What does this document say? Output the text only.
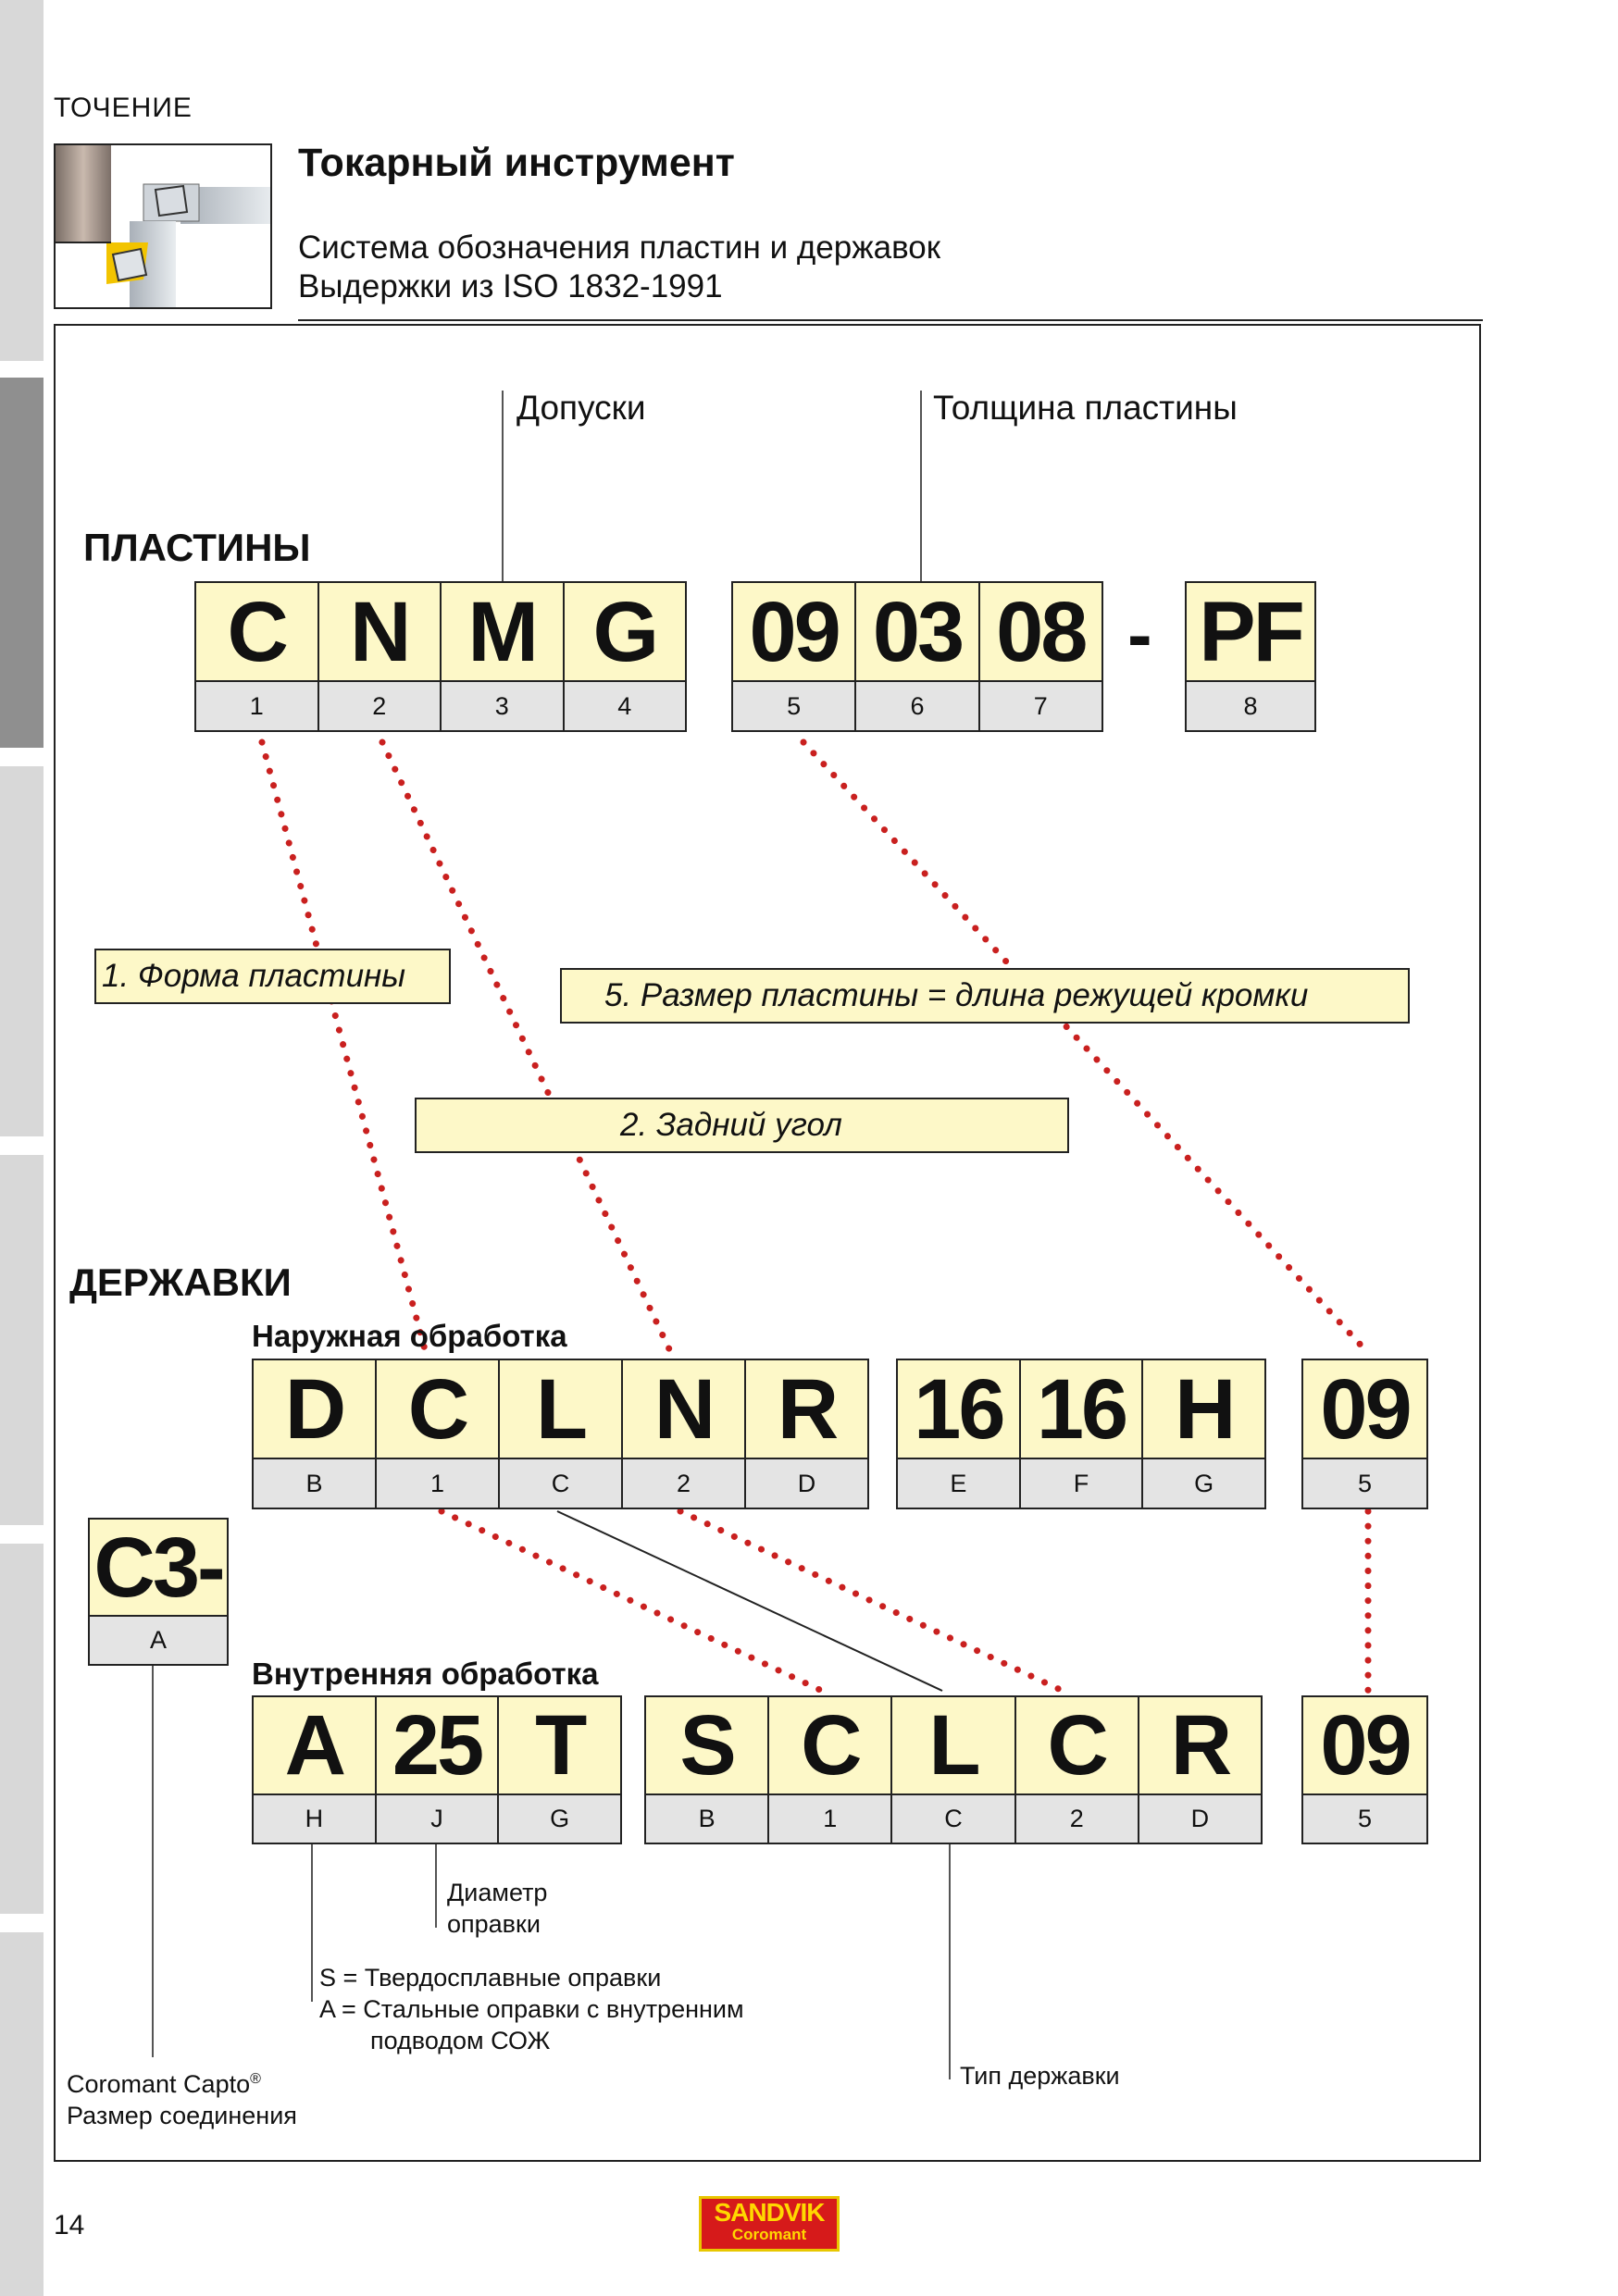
ТОЧЕНИЕ
Токарный инструмент
Система обозначения пластин и державок
Выдержки из ISO 1832-1991
ПЛАСТИНЫ
Допуски	Толщина пластины
C
1
N
2
M
3
G
4
09
5
03
6
08
7
- PF
8
1. Форма пластины
5. Размер пластины = длина режущей кромки
2. Задний угол
ДЕРЖАВКИ
Наружная обработка
D
B
C
1
L
C
N
2
R
D
16
E
16
F
H
G
09
5
C3-
A
Внутренняя обработка
A
H
25
J
T
G
S
B
C
1
L
C
C
2
R
D
09
5
Диаметр
оправки
S = Твердосплавные оправки
A = Стальные оправки с внутренним
подводом СОЖ
Coromant Capto®
Размер соединения
Тип державки
14	SANDVIK
Coromant
